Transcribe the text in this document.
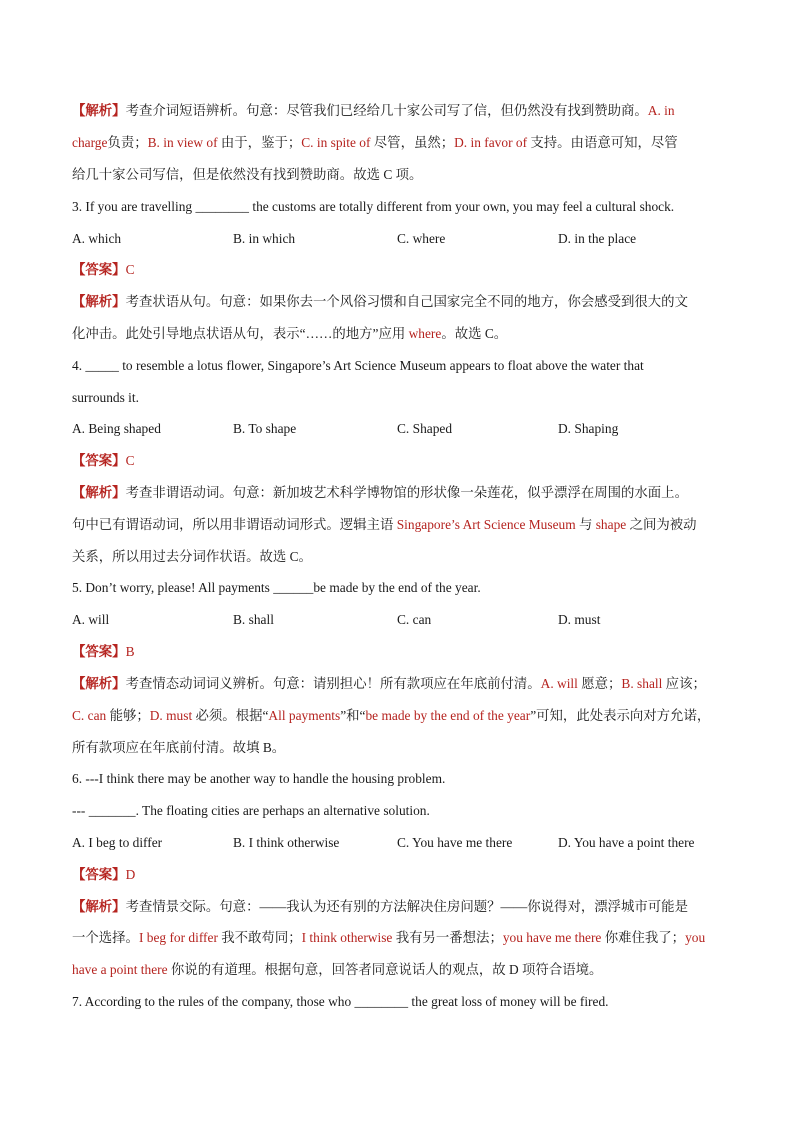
【解析】考查介词短语辨析。句意：尽管我们已经给几十家公司写了信，但仍然没有找到赞助商。A. in
charge负责；B. in view of 由于，鉴于；C. in spite of 尽管，虽然；D. in favor of 支持。由语意可知，尽管
给几十家公司写信，但是依然没有找到赞助商。故选 C 项。
3. If you are travelling ________ the customs are totally different from your own, you may feel a cultural shock.
A. which	B. in which	C. where	D. in the place
【答案】C
【解析】考查状语从句。句意：如果你去一个风俗习惯和自己国家完全不同的地方，你会感受到很大的文
化冲击。此处引导地点状语从句，表示“……的地方”应用 where。故选 C。
4. _____ to resemble a lotus flower, Singapore’s Art Science Museum appears to float above the water that
surrounds it.
A. Being shaped	B. To shape	C. Shaped	D. Shaping
【答案】C
【解析】考查非谓语动词。句意：新加坡艺术科学博物馆的形状像一朵莲花，似乎漂浮在周围的水面上。
句中已有谓语动词，所以用非谓语动词形式。逻辑主语 Singapore’s Art Science Museum 与 shape 之间为被动
关系，所以用过去分词作状语。故选 C。
5. Don’t worry, please! All payments ______be made by the end of the year.
A. will	B. shall	C. can	D. must
【答案】B
【解析】考查情态动词词义辨析。句意：请别担心！所有款项应在年底前付清。A. will 愿意；B. shall 应该；
C. can 能够；D. must 必须。根据“All payments”和“be made by the end of the year”可知，此处表示向对方允诺，
所有款项应在年底前付清。故填 B。
6. ---I think there may be another way to handle the housing problem.
--- _______. The floating cities are perhaps an alternative solution.
A. I beg to differ	B. I think otherwise	C. You have me there	D. You have a point there
【答案】D
【解析】考查情景交际。句意：——我认为还有别的方法解决住房问题？——你说得对，漂浮城市可能是
一个选择。I beg for differ 我不敢苟同；I think otherwise 我有另一番想法；you have me there 你难住我了；you
have a point there 你说的有道理。根据句意，回答者同意说话人的观点，故 D 项符合语境。
7. According to the rules of the company, those who ________ the great loss of money will be fired.
